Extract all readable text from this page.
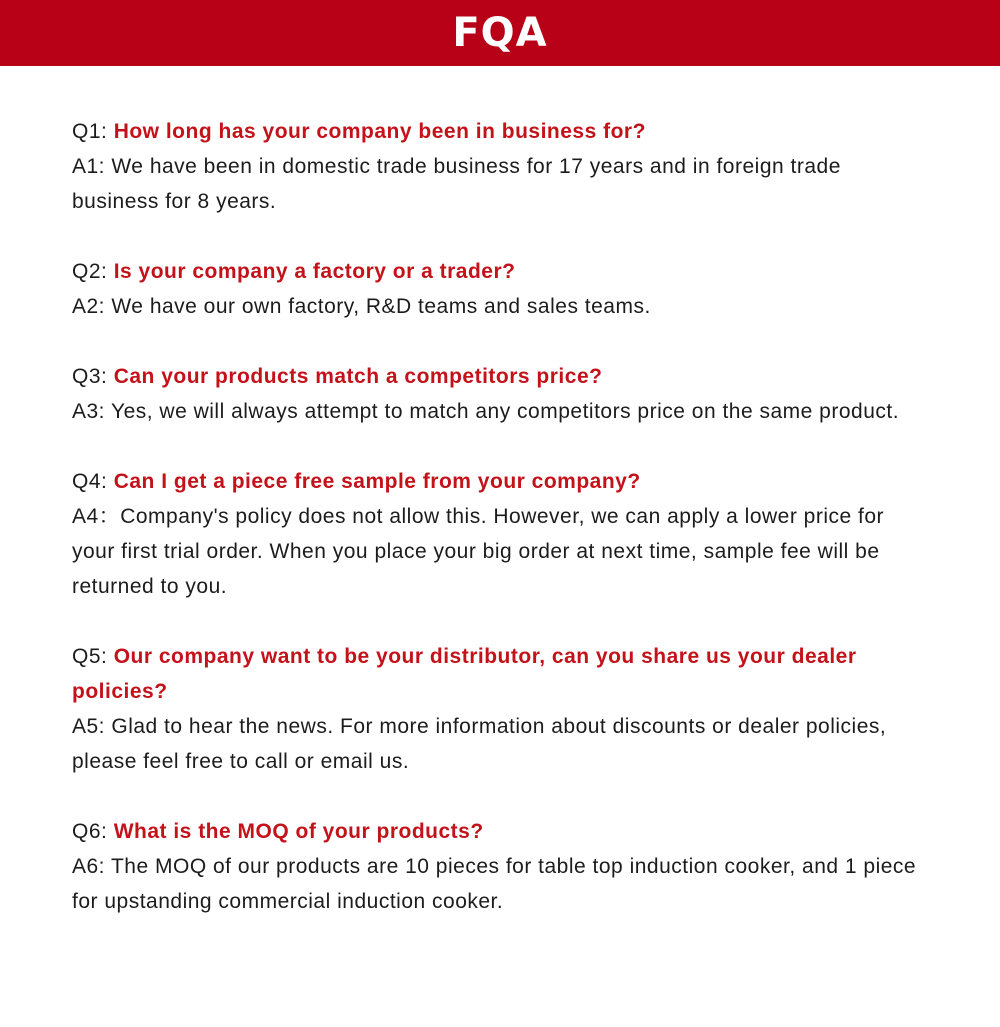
FQA
Q1: How long has your company been in business for?
A1: We have been in domestic trade business for 17 years and in foreign trade business for 8 years.
Q2: Is your company a factory or a trader?
A2: We have our own factory, R&D teams and sales teams.
Q3: Can your products match a competitors price?
A3: Yes, we will always attempt to match any competitors price on the same product.
Q4: Can I get a piece free sample from your company?
A4：Company's policy does not allow this. However, we can apply a lower price for your first trial order. When you place your big order at next time, sample fee will be returned to you.
Q5: Our company want to be your distributor, can you share us your dealer policies?
A5: Glad to hear the news. For more information about discounts or dealer policies, please feel free to call or email us.
Q6: What is the MOQ of your products?
A6: The MOQ of our products are 10 pieces for table top induction cooker, and 1 piece for upstanding commercial induction cooker.
